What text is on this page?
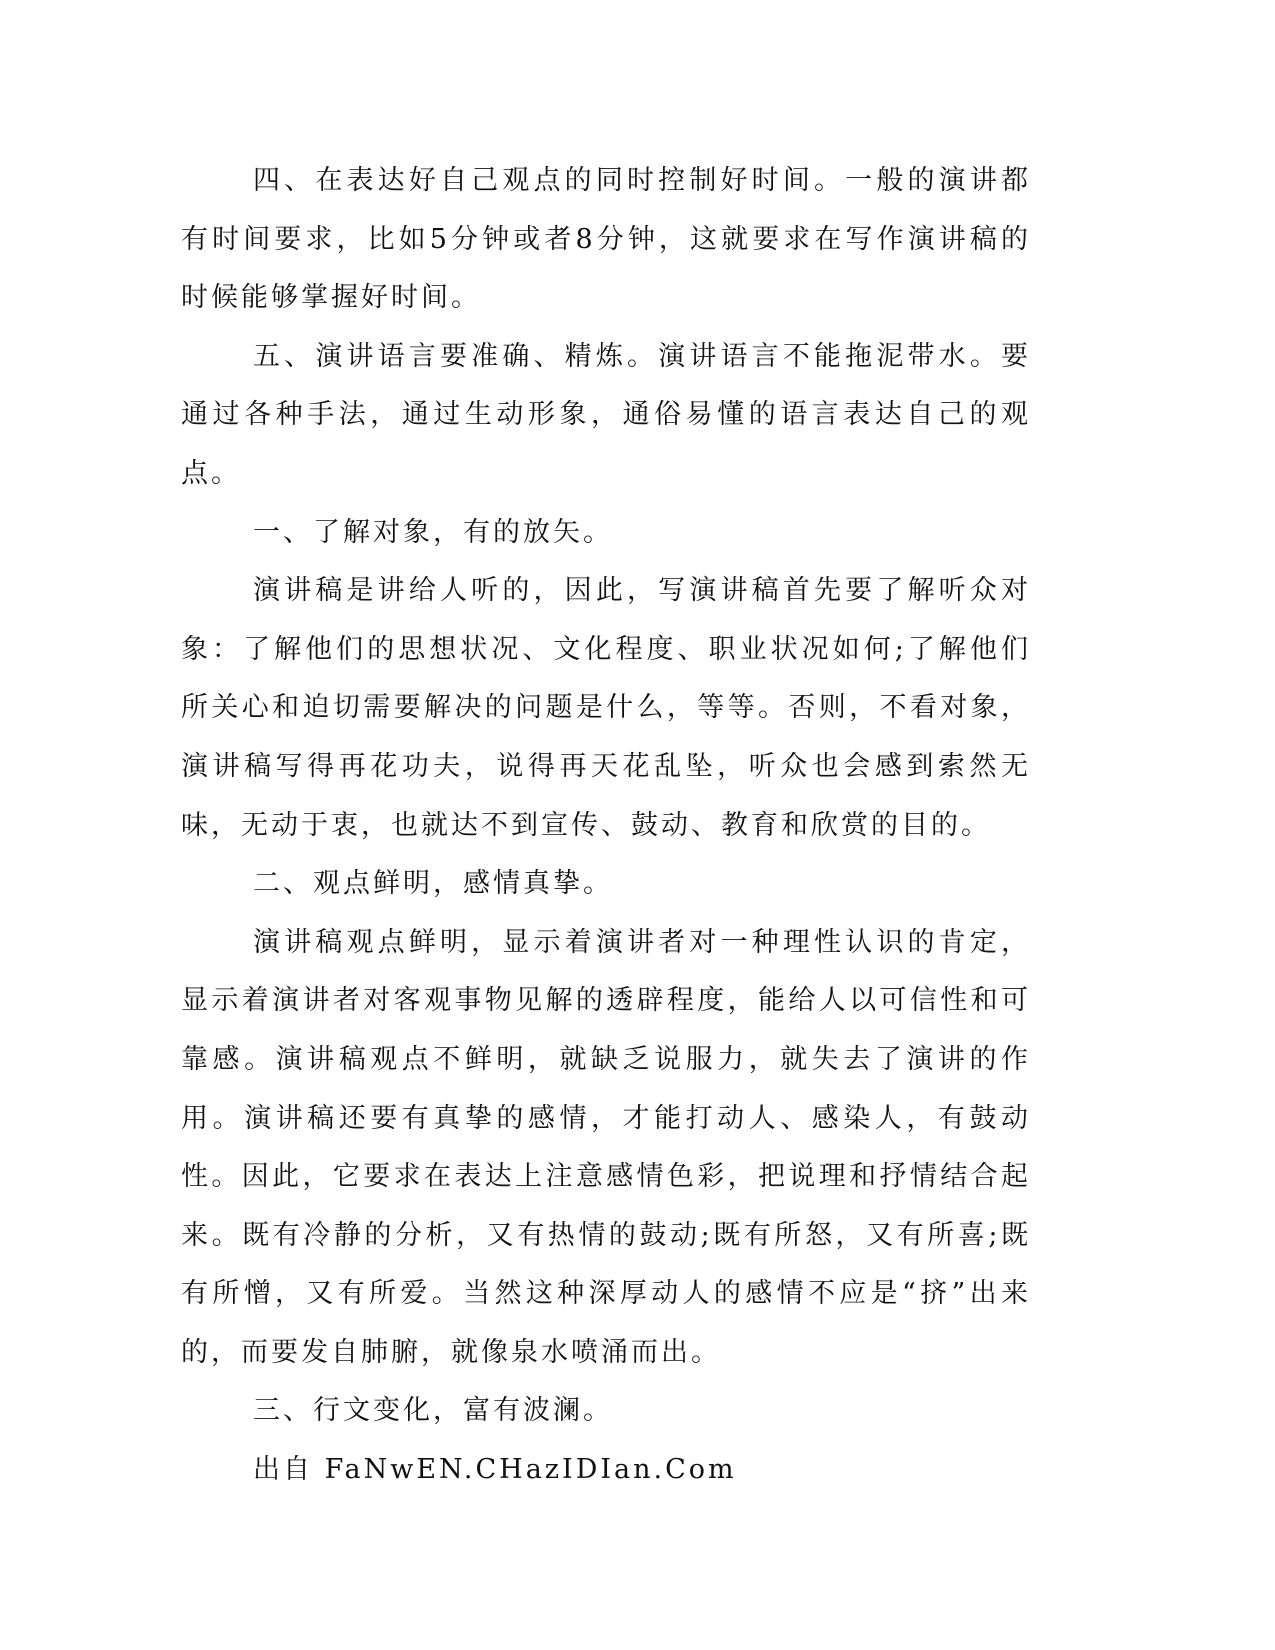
四、在表达好自己观点的同时控制好时间。一般的演讲都有时间要求，比如5分钟或者8分钟，这就要求在写作演讲稿的时候能够掌握好时间。

五、演讲语言要准确、精炼。演讲语言不能拖泥带水。要通过各种手法，通过生动形象，通俗易懂的语言表达自己的观点。

一、了解对象，有的放矢。

演讲稿是讲给人听的，因此，写演讲稿首先要了解听众对象：了解他们的思想状况、文化程度、职业状况如何;了解他们所关心和迫切需要解决的问题是什么，等等。否则，不看对象，演讲稿写得再花功夫，说得再天花乱坠，听众也会感到索然无味，无动于衷，也就达不到宣传、鼓动、教育和欣赏的目的。

二、观点鲜明，感情真挚。

演讲稿观点鲜明，显示着演讲者对一种理性认识的肯定，显示着演讲者对客观事物见解的透辟程度，能给人以可信性和可靠感。演讲稿观点不鲜明，就缺乏说服力，就失去了演讲的作用。演讲稿还要有真挚的感情，才能打动人、感染人，有鼓动性。因此，它要求在表达上注意感情色彩，把说理和抒情结合起来。既有冷静的分析，又有热情的鼓动;既有所怒，又有所喜;既有所憎，又有所爱。当然这种深厚动人的感情不应是“挤”出来的，而要发自肺腑，就像泉水喷涌而出。

三、行文变化，富有波澜。

出自 FaNwEN.CHazIDIan.Com
